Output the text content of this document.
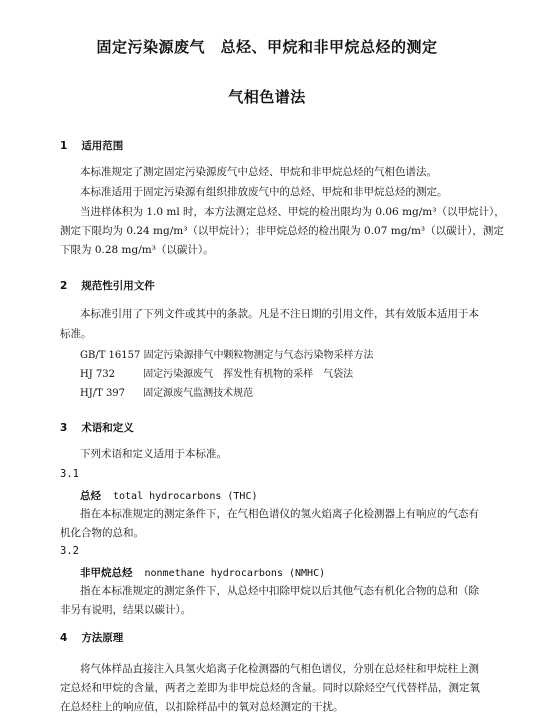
固定污染源废气　总烃、甲烷和非甲烷总烃的测定
气相色谱法
1 适用范围
本标准规定了测定固定污染源废气中总烃、甲烷和非甲烷总烃的气相色谱法。
本标准适用于固定污染源有组织排放废气中的总烃、甲烷和非甲烷总烃的测定。
当进样体积为 1.0 ml 时，本方法测定总烃、甲烷的检出限均为 0.06 mg/m³（以甲烷计），
测定下限均为 0.24 mg/m³（以甲烷计）；非甲烷总烃的检出限为 0.07 mg/m³（以碳计），测定
下限为 0.28 mg/m³（以碳计）。
2 规范性引用文件
本标准引用了下列文件或其中的条款。凡是不注日期的引用文件，其有效版本适用于本
标准。
GB/T 16157 固定污染源排气中颗粒物测定与气态污染物采样方法
HJ 732	固定污染源废气　挥发性有机物的采样　气袋法
HJ/T 397 固定源废气监测技术规范
3 术语和定义
下列术语和定义适用于本标准。
3.1
总烃 total hydrocarbons (THC)
指在本标准规定的测定条件下，在气相色谱仪的氢火焰离子化检测器上有响应的气态有
机化合物的总和。
3.2
非甲烷总烃 nonmethane hydrocarbons (NMHC)
指在本标准规定的测定条件下，从总烃中扣除甲烷以后其他气态有机化合物的总和（除
非另有说明，结果以碳计）。
4 方法原理
将气体样品直接注入具氢火焰离子化检测器的气相色谱仪，分别在总烃柱和甲烷柱上测
定总烃和甲烷的含量，两者之差即为非甲烷总烃的含量。同时以除烃空气代替样品，测定氧
在总烃柱上的响应值，以扣除样品中的氧对总烃测定的干扰。
